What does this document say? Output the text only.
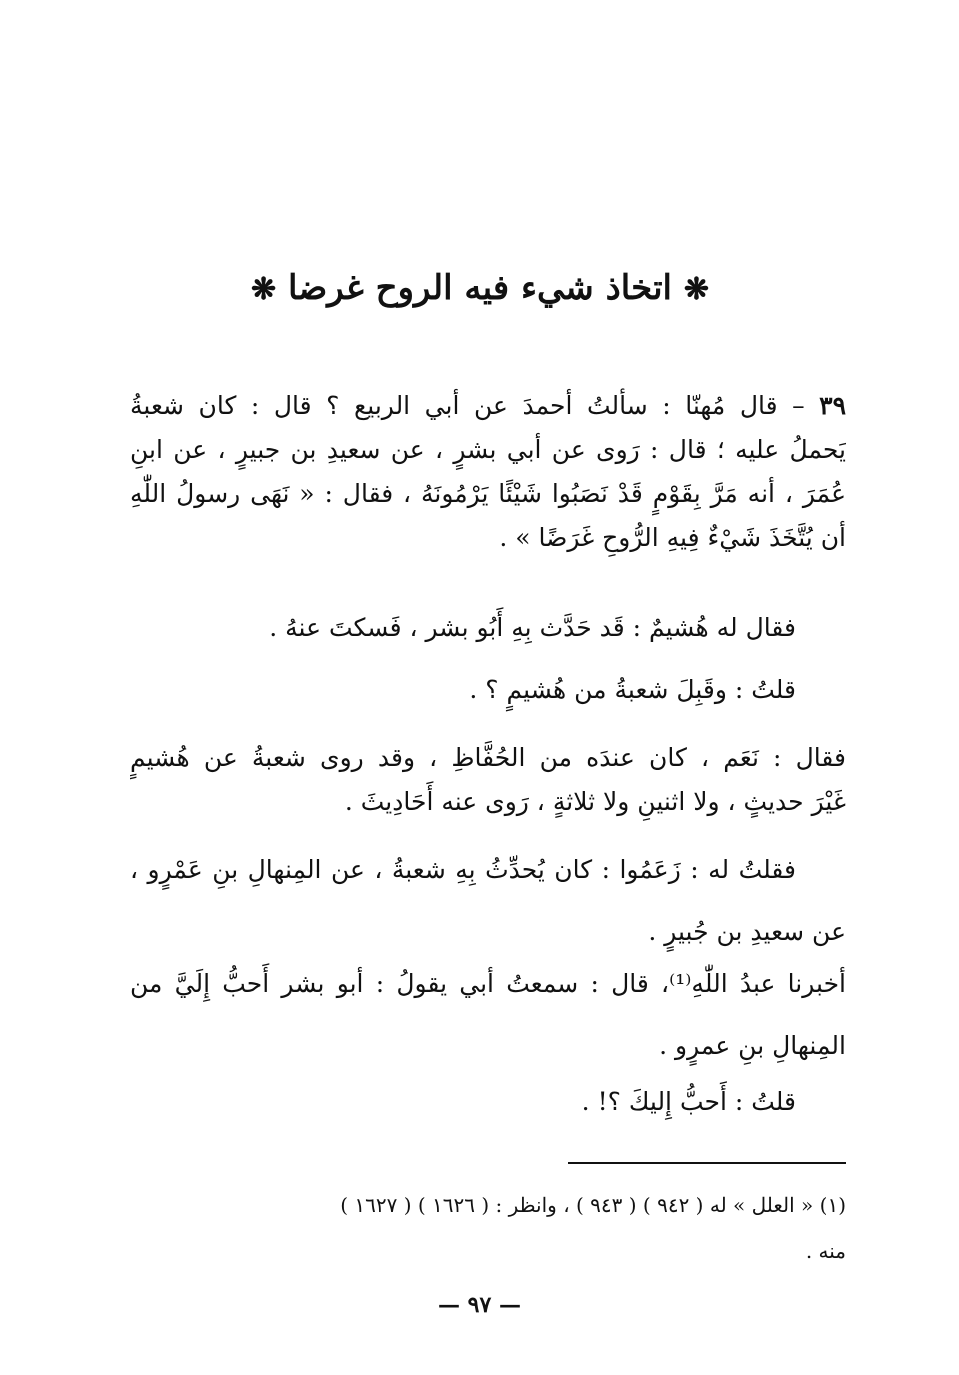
❋ اتخاذ شيء فيه الروح غرضا ❋
٣٩ – قال مُهنّا : سألتُ أحمدَ عن أبي الربيع ؟ قال : كان شعبةُ
يَحملُ عليه ؛ قال : رَوى عن أبي بشرٍ ، عن سعيدِ بن جبيرٍ ، عن ابنِ
عُمَرَ ، أنه مَرَّ بِقَوْمٍ قَدْ نَصَبُوا شَيْئًا يَرْمُونَهُ ، فقال : « نَهَى رسولُ اللّٰهِ
أن يُتَّخَذَ شَيْءٌ فِيهِ الرُّوحِ غَرَضًا » .
فقال له هُشيمٌ : قَد حَدَّث بِهِ أَبُو بشر ، فَسكتَ عنهُ .
قلتُ : وقَبِلَ شعبةُ من هُشيمٍ ؟ .
فقال : نَعَم ، كان عندَه من الحُفَّاظِ ، وقد روى شعبةُ عن هُشيمٍ
غَيْرَ حديثٍ ، ولا اثنينِ ولا ثلاثةٍ ، رَوى عنه أَحَادِيثَ .
فقلتُ له : زَعَمُوا : كان يُحدِّثُ بِهِ شعبةُ ، عن المِنهالِ بنِ عَمْرٍو ،
عن سعيدِ بن جُبيرٍ .
أخبرنا عبدُ اللّٰهِ⁽¹⁾، قال : سمعتُ أبي يقولُ : أبو بشر أَحبُّ إِلَيَّ من
المِنهالِ بنِ عمرٍو .
قلتُ : أَحبُّ إِليكَ ؟! .
(١) « العلل » له ( ٩٤٢ ) ( ٩٤٣ ) ، وانظر : ( ١٦٢٦ ) ( ١٦٢٧ )
منه .
— ٩٧ —
